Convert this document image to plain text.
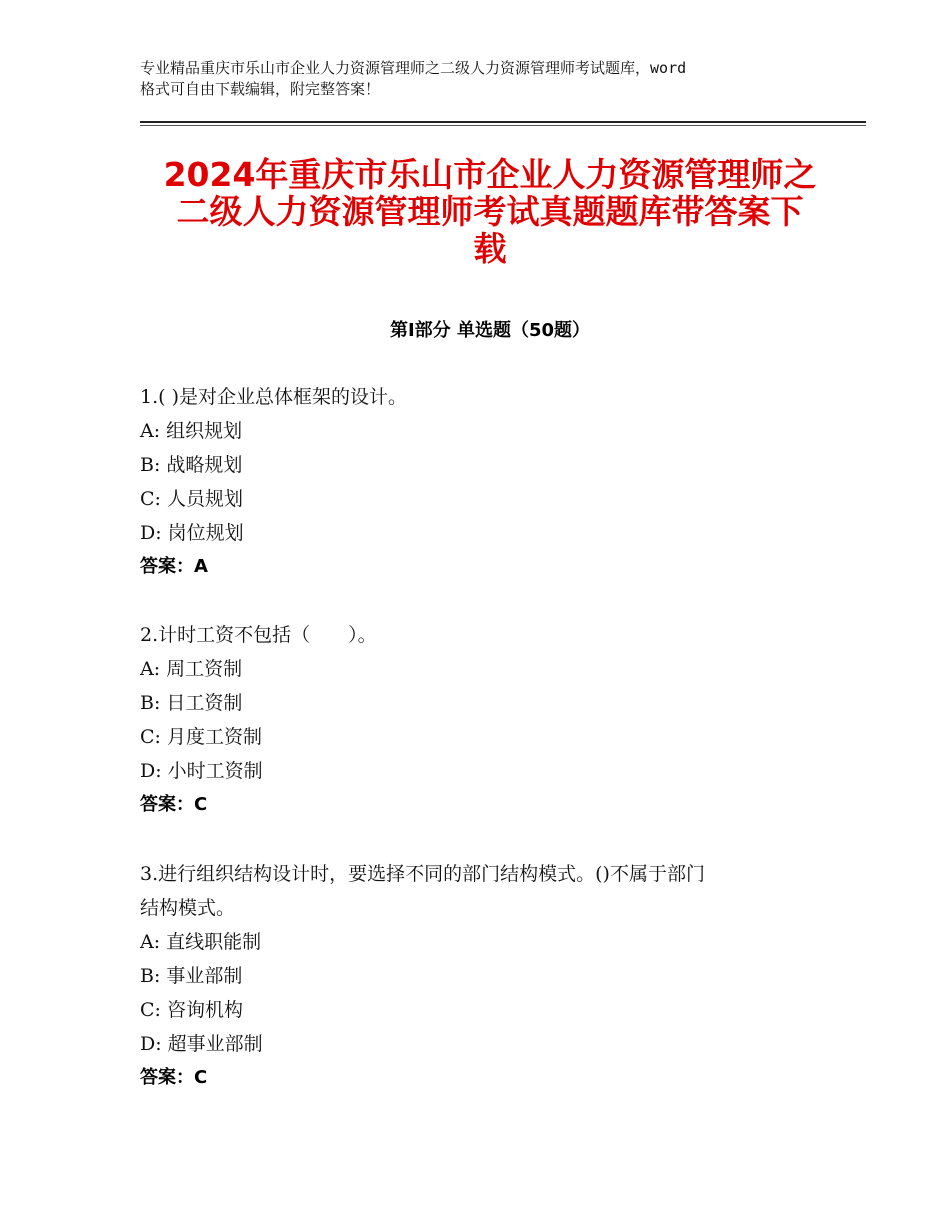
专业精品重庆市乐山市企业人力资源管理师之二级人力资源管理师考试题库，word
格式可自由下载编辑，附完整答案！
2024年重庆市乐山市企业人力资源管理师之
二级人力资源管理师考试真题题库带答案下
载
第Ⅰ部分 单选题（50题）
1.( )是对企业总体框架的设计。
A: 组织规划
B: 战略规划
C: 人员规划
D: 岗位规划
答案：A
2.计时工资不包括（　　）。
A: 周工资制
B: 日工资制
C: 月度工资制
D: 小时工资制
答案：C
3.进行组织结构设计时，要选择不同的部门结构模式。()不属于部门
结构模式。
A: 直线职能制
B: 事业部制
C: 咨询机构
D: 超事业部制
答案：C
